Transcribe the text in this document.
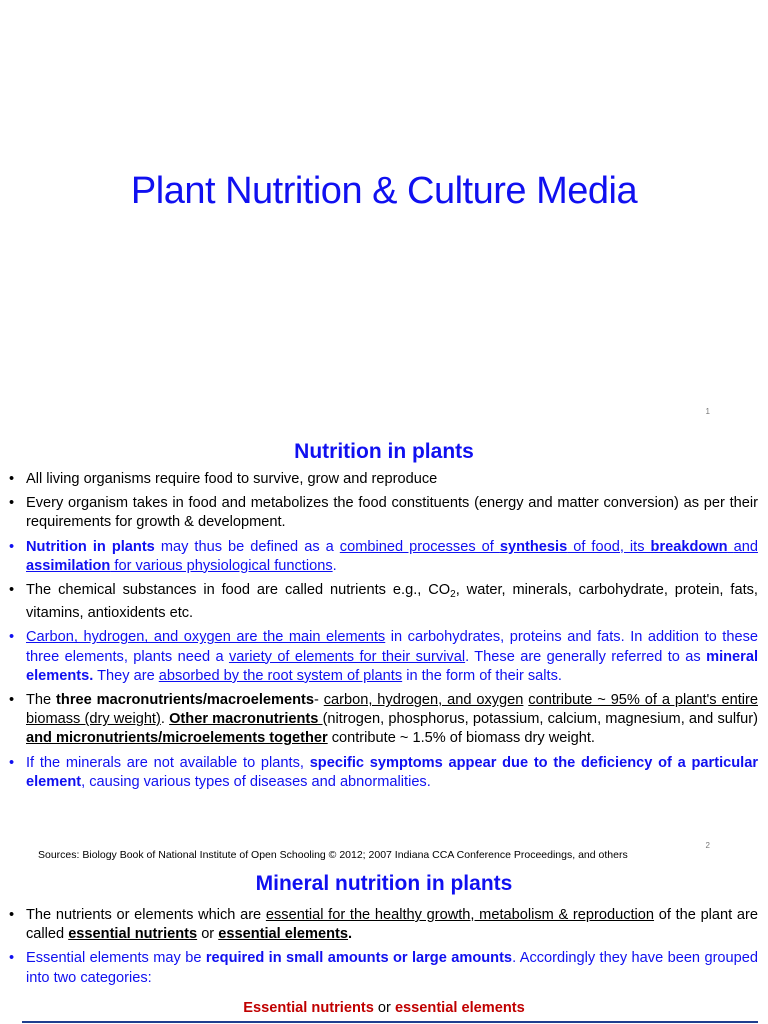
Plant Nutrition & Culture Media
1
Nutrition in plants
• All living organisms require food to survive, grow and reproduce
• Every organism takes in food and metabolizes the food constituents (energy and matter conversion) as per their requirements for growth & development.
• Nutrition in plants may thus be defined as a combined processes of synthesis of food, its breakdown and assimilation for various physiological functions.
• The chemical substances in food are called nutrients e.g., $CO_2$, water, minerals, carbohydrate, protein, fats, vitamins, antioxidents etc.
• Carbon, hydrogen, and oxygen are the main elements in carbohydrates, proteins and fats. In addition to these three elements, plants need a variety of elements for their survival. These are generally referred to as mineral elements. They are absorbed by the root system of plants in the form of their salts.
• The three macronutrients/macroelements- carbon, hydrogen, and oxygen contribute ~ 95% of a plant's entire biomass (dry weight). Other macronutrients (nitrogen, phosphorus, potassium, calcium, magnesium, and sulfur) and micronutrients/microelements together contribute ~ 1.5% of biomass dry weight.
• If the minerals are not available to plants, specific symptoms appear due to the deficiency of a particular element, causing various types of diseases and abnormalities.
Sources: Biology Book of National Institute of Open Schooling © 2012; 2007 Indiana CCA Conference Proceedings, and others
2
Mineral nutrition in plants
• The nutrients or elements which are essential for the healthy growth, metabolism & reproduction of the plant are called essential nutrients or essential elements.
• Essential elements may be required in small amounts or large amounts. Accordingly they have been grouped into two categories:
Essential nutrients or essential elements
